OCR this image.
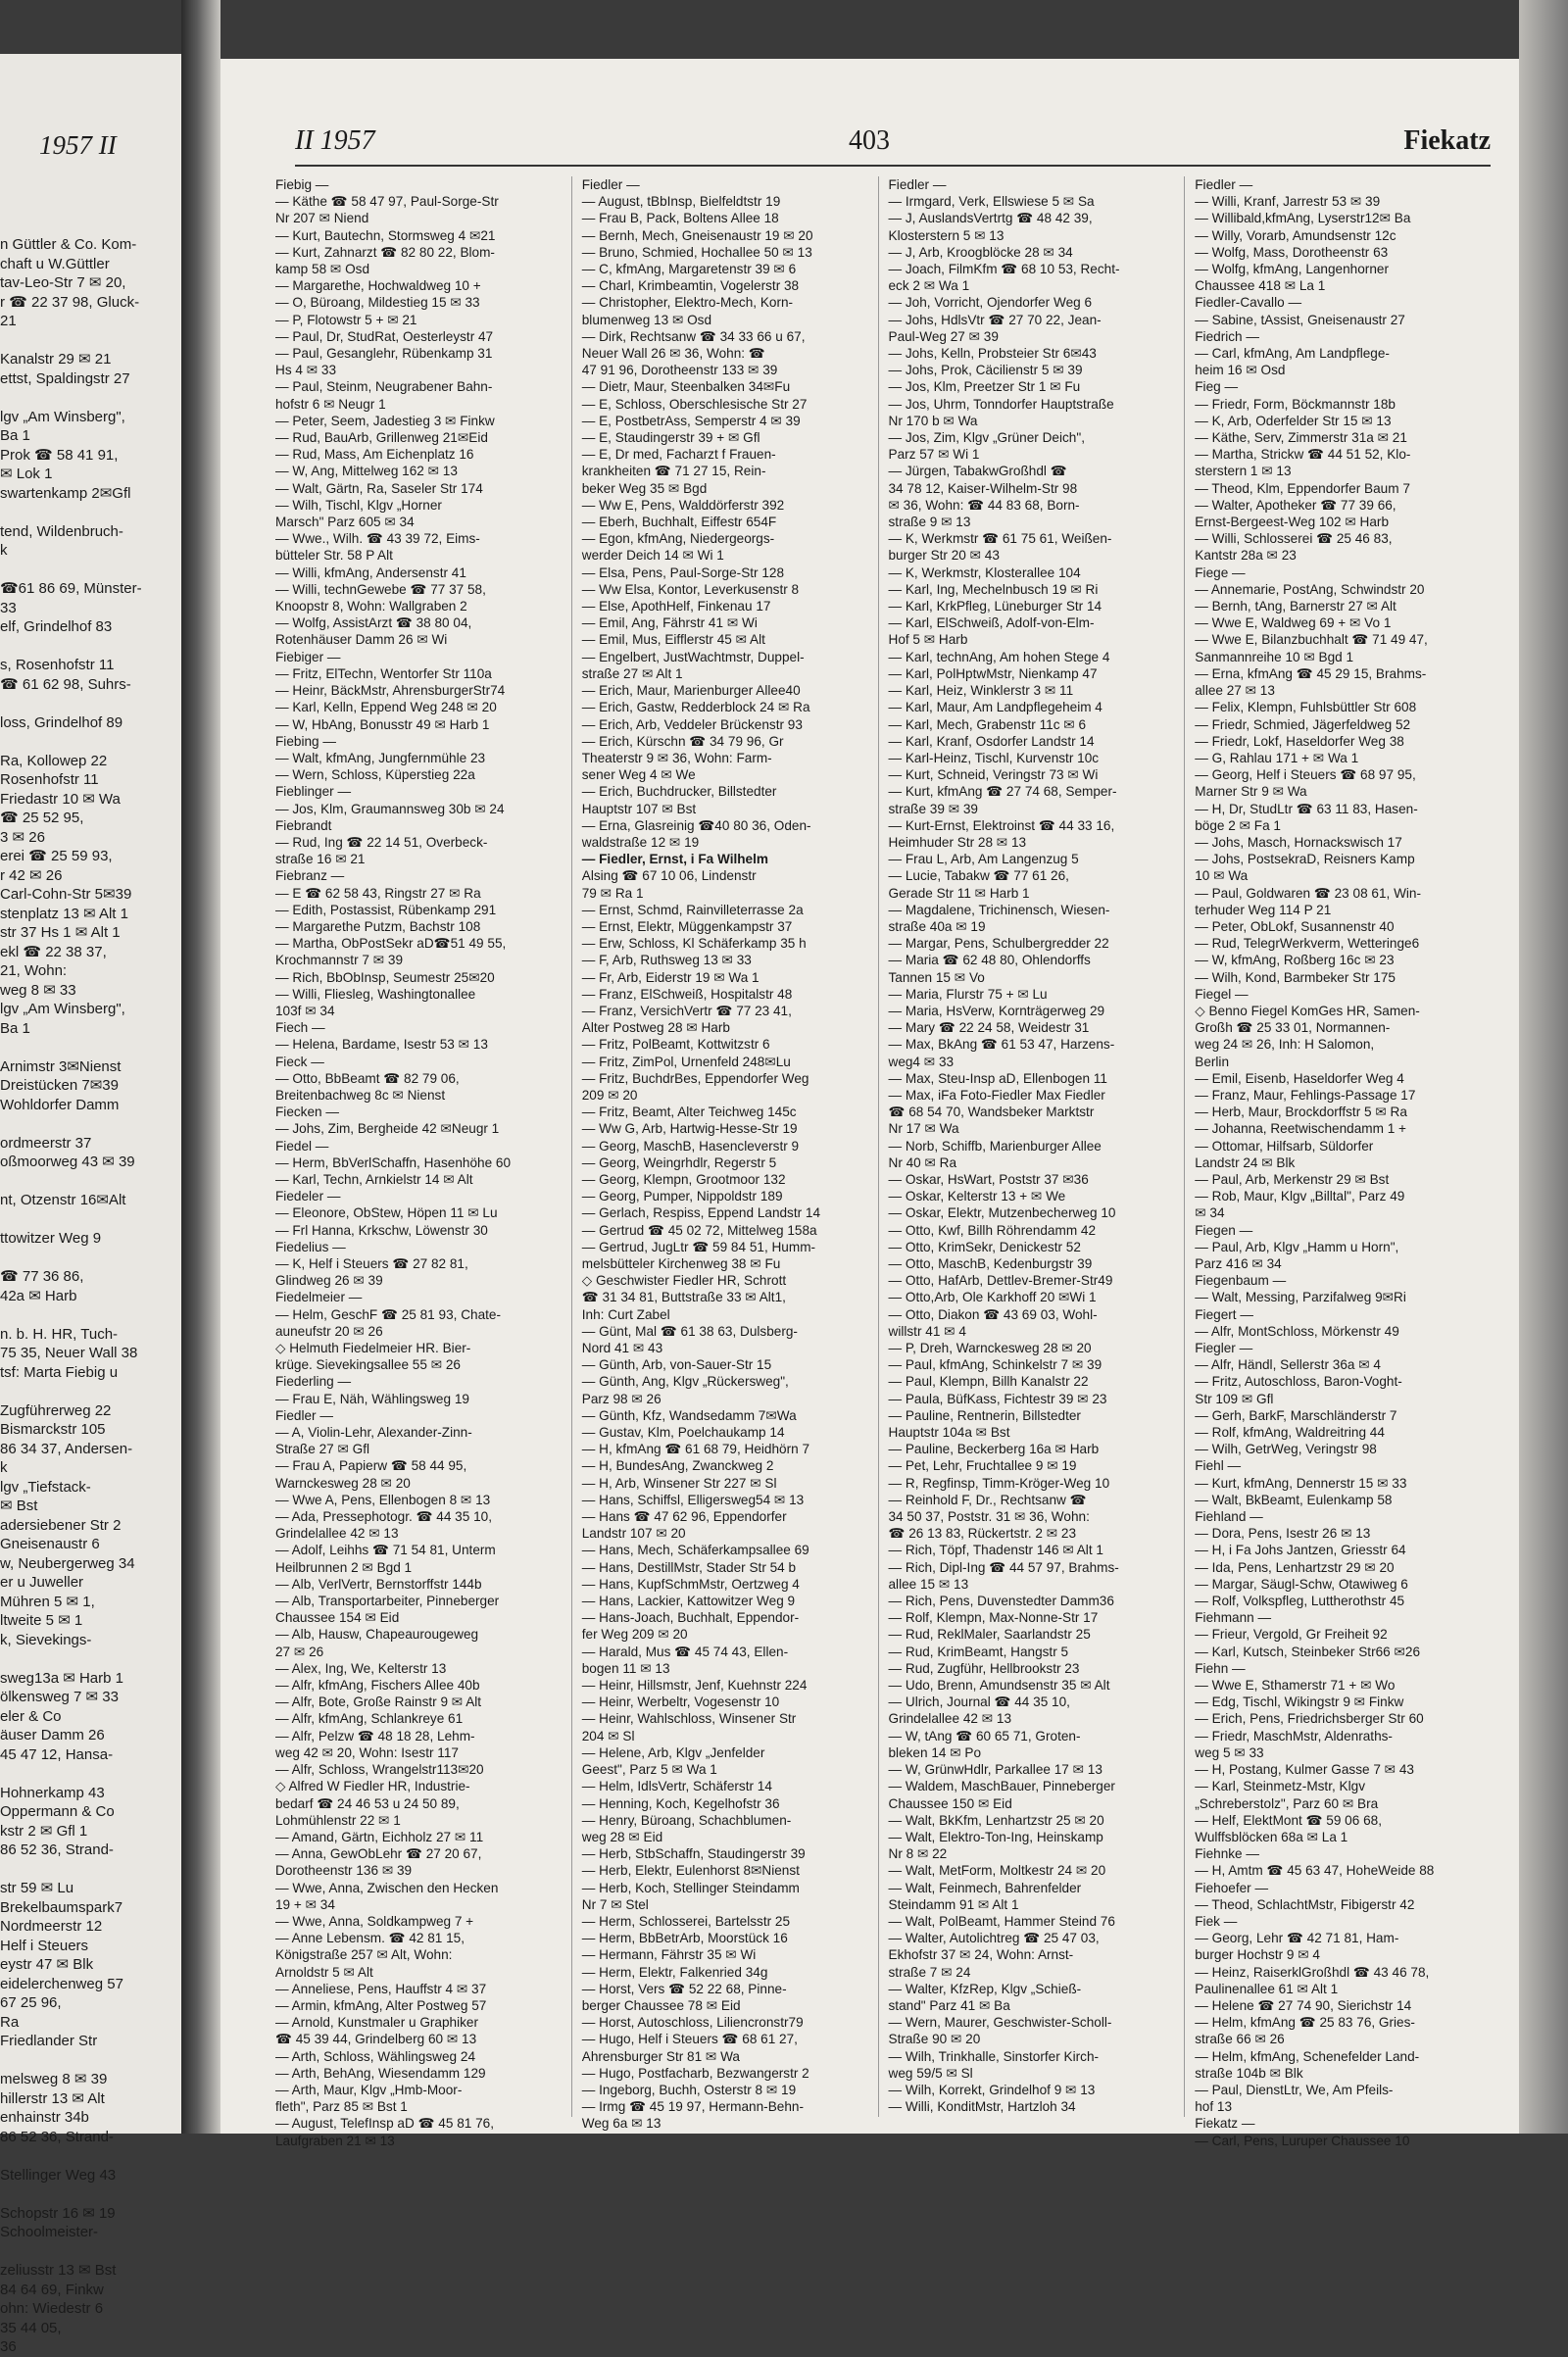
1957 II
n Güttler & Co. Kom-
chaft u W.Güttler
tav-Leo-Str 7 ✉ 20,
r ☎ 22 37 98, Gluck-
21

Kanalstr 29 ✉ 21
ettst, Spaldingstr 27

lgv „Am Winsberg",
Ba 1
Prok ☎ 58 41 91,
✉ Lok 1
swartenkamp 2✉Gfl

tend, Wildenbruch-
k

☎61 86 69, Münster-
33
elf, Grindelhof 83

s, Rosenhofstr 11
☎ 61 62 98, Suhrs-

loss, Grindelhof 89

Ra, Kollowep 22
Rosenhofstr 11
Friedastr 10 ✉ Wa
☎ 25 52 95,
3 ✉ 26
erei ☎ 25 59 93,
r 42 ✉ 26
Carl-Cohn-Str 5✉39
stenplatz 13 ✉ Alt 1
str 37 Hs 1 ✉ Alt 1
ekl ☎ 22 38 37,
21, Wohn:
weg 8 ✉ 33
lgv „Am Winsberg",
Ba 1

Arnimstr 3✉Nienst
Dreistücken 7✉39
Wohldorfer Damm

ordmeerstr 37
oßmoorweg 43 ✉ 39

nt, Otzenstr 16✉Alt

ttowitzer Weg 9

☎ 77 36 86,
42a ✉ Harb

n. b. H. HR, Tuch-
75 35, Neuer Wall 38
tsf: Marta Fiebig u

Zugführerweg 22
Bismarckstr 105
86 34 37, Andersen-
k
lgv „Tiefstack-
✉ Bst
adersiebener Str 2
Gneisenaustr 6
w, Neubergerweg 34
er u Juweller
Mühren 5 ✉ 1,
ltweite 5 ✉ 1
k, Sievekings-

sweg13a ✉ Harb 1
ölkensweg 7 ✉ 33
eler & Co
äuser Damm 26
45 47 12, Hansa-

Hohnerkamp 43
Oppermann & Co
kstr 2 ✉ Gfl 1
86 52 36, Strand-

str 59 ✉ Lu
Brekelbaumspark7
Nordmeerstr 12
Helf i Steuers
eystr 47 ✉ Blk
eidelerchenweg 57
67 25 96,
Ra
Friedlander Str

melsweg 8 ✉ 39
hillerstr 13 ✉ Alt
enhainstr 34b
86 52 36, Strand-

Stellinger Weg 43

Schopstr 16 ✉ 19
Schoolmeister-

zeliusstr 13 ✉ Bst
84 64 69, Finkw
ohn: Wiedestr 6
35 44 05,
36
II 1957	403	Fiekatz
Fiebig —
— Käthe ☎ 58 47 97, Paul-Sorge-Str
Nr 207 ✉ Niend
— Kurt, Bautechn, Stormsweg 4 ✉21
— Kurt, Zahnarzt ☎ 82 80 22, Blom-
kamp 58 ✉ Osd
— Margarethe, Hochwaldweg 10 +
— O, Büroang, Mildestieg 15 ✉ 33
— P, Flotowstr 5 + ✉ 21
— Paul, Dr, StudRat, Oesterleystr 47
— Paul, Gesanglehr, Rübenkamp 31
Hs 4 ✉ 33
— Paul, Steinm, Neugrabener Bahn-
hofstr 6 ✉ Neugr 1
— Peter, Seem, Jadestieg 3 ✉ Finkw
— Rud, BauArb, Grillenweg 21✉Eid
— Rud, Mass, Am Eichenplatz 16
— W, Ang, Mittelweg 162 ✉ 13
— Walt, Gärtn, Ra, Saseler Str 174
— Wilh, Tischl, Klgv „Horner
Marsch" Parz 605 ✉ 34
— Wwe., Wilh. ☎ 43 39 72, Eims-
bütteler Str. 58 P Alt
— Willi, kfmAng, Andersenstr 41
— Willi, technGewebe ☎ 77 37 58,
Knoopstr 8, Wohn: Wallgraben 2
— Wolfg, AssistArzt ☎ 38 80 04,
Rotenhäuser Damm 26 ✉ Wi
Fiebiger —
— Fritz, ElTechn, Wentorfer Str 110a
— Heinr, BäckMstr, AhrensburgerStr74
— Karl, Kelln, Eppend Weg 248 ✉ 20
— W, HbAng, Bonusstr 49 ✉ Harb 1
Fiebing —
— Walt, kfmAng, Jungfernmühle 23
— Wern, Schloss, Küperstieg 22a
Fieblinger —
— Jos, Klm, Graumannsweg 30b ✉ 24
Fiebrandt
— Rud, Ing ☎ 22 14 51, Overbeck-
straße 16 ✉ 21
Fiebranz —
— E ☎ 62 58 43, Ringstr 27 ✉ Ra
— Edith, Postassist, Rübenkamp 291
— Margarethe Putzm, Bachstr 108
— Martha, ObPostSekr aD☎51 49 55,
Krochmannstr 7 ✉ 39
— Rich, BbObInsp, Seumestr 25✉20
— Willi, Fliesleg, Washingtonallee
103f ✉ 34
Fiech —
— Helena, Bardame, Isestr 53 ✉ 13
Fieck —
— Otto, BbBeamt ☎ 82 79 06,
Breitenbachweg 8c ✉ Nienst
Fiecken —
— Johs, Zim, Bergheide 42 ✉Neugr 1
Fiedel —
— Herm, BbVerlSchaffn, Hasenhöhe 60
— Karl, Techn, Arnkielstr 14 ✉ Alt
Fiedeler —
— Eleonore, ObStew, Höpen 11 ✉ Lu
— Frl Hanna, Krkschw, Löwenstr 30
Fiedelius —
— K, Helf i Steuers ☎ 27 82 81,
Glindweg 26 ✉ 39
Fiedelmeier —
— Helm, GeschF ☎ 25 81 93, Chate-
auneufstr 20 ✉ 26
◇ Helmuth Fiedelmeier HR. Bier-
krüge. Sievekingsallee 55 ✉ 26
Fiederling —
— Frau E, Näh, Wählingsweg 19
Fiedler —
— A, Violin-Lehr, Alexander-Zinn-
Straße 27 ✉ Gfl
— Frau A, Papierw ☎ 58 44 95,
Warnckesweg 28 ✉ 20
— Wwe A, Pens, Ellenbogen 8 ✉ 13
— Ada, Pressephotogr. ☎ 44 35 10,
Grindelallee 42 ✉ 13
— Adolf, Leihhs ☎ 71 54 81, Unterm
Heilbrunnen 2 ✉ Bgd 1
— Alb, VerlVertr, Bernstorffstr 144b
— Alb, Transportarbeiter, Pinneberger
Chaussee 154 ✉ Eid
— Alb, Hausw, Chapeaurougeweg
27 ✉ 26
— Alex, Ing, We, Kelterstr 13
— Alfr, kfmAng, Fischers Allee 40b
— Alfr, Bote, Große Rainstr 9 ✉ Alt
— Alfr, kfmAng, Schlankreye 61
— Alfr, Pelzw ☎ 48 18 28, Lehm-
weg 42 ✉ 20, Wohn: Isestr 117
— Alfr, Schloss, Wrangelstr113✉20
◇ Alfred W Fiedler HR, Industrie-
bedarf ☎ 24 46 53 u 24 50 89,
Lohmühlenstr 22 ✉ 1
— Amand, Gärtn, Eichholz 27 ✉ 11
— Anna, GewObLehr ☎ 27 20 67,
Dorotheenstr 136 ✉ 39
— Wwe, Anna, Zwischen den Hecken
19 + ✉ 34
— Wwe, Anna, Soldkampweg 7 +
— Anne Lebensm. ☎ 42 81 15,
Königstraße 257 ✉ Alt, Wohn:
Arnoldstr 5 ✉ Alt
— Anneliese, Pens, Hauffstr 4 ✉ 37
— Armin, kfmAng, Alter Postweg 57
— Arnold, Kunstmaler u Graphiker
☎ 45 39 44, Grindelberg 60 ✉ 13
— Arth, Schloss, Wählingsweg 24
— Arth, BehAng, Wiesendamm 129
— Arth, Maur, Klgv „Hmb-Moor-
fleth", Parz 85 ✉ Bst 1
— August, TelefInsp aD ☎ 45 81 76,
Laufgraben 21 ✉ 13
Fiedler —
— August, tBbInsp, Bielfeldtstr 19
— Frau B, Pack, Boltens Allee 18
— Bernh, Mech, Gneisenaustr 19 ✉ 20
— Bruno, Schmied, Hochallee 50 ✉ 13
— C, kfmAng, Margaretenstr 39 ✉ 6
— Charl, Krimbeamtin, Vogelerstr 38
— Christopher, Elektro-Mech, Korn-
blumenweg 13 ✉ Osd
— Dirk, Rechtsanw ☎ 34 33 66 u 67,
Neuer Wall 26 ✉ 36, Wohn: ☎
47 91 96, Dorotheenstr 133 ✉ 39
— Dietr, Maur, Steenbalken 34✉Fu
— E, Schloss, Oberschlesische Str 27
— E, PostbetrAss, Semperstr 4 ✉ 39
— E, Staudingerstr 39 + ✉ Gfl
— E, Dr med, Facharzt f Frauen-
krankheiten ☎ 71 27 15, Rein-
beker Weg 35 ✉ Bgd
— Ww E, Pens, Walddörferstr 392
— Eberh, Buchhalt, Eiffestr 654F
— Egon, kfmAng, Niedergeorgs-
werder Deich 14 ✉ Wi 1
— Elsa, Pens, Paul-Sorge-Str 128
— Ww Elsa, Kontor, Leverkusenstr 8
— Else, ApothHelf, Finkenau 17
— Emil, Ang, Fährstr 41 ✉ Wi
— Emil, Mus, Eifflerstr 45 ✉ Alt
— Engelbert, JustWachtmstr, Duppel-
straße 27 ✉ Alt 1
— Erich, Maur, Marienburger Allee40
— Erich, Gastw, Redderblock 24 ✉ Ra
— Erich, Arb, Veddeler Brückenstr 93
— Erich, Kürschn ☎ 34 79 96, Gr
Theaterstr 9 ✉ 36, Wohn: Farm-
sener Weg 4 ✉ We
— Erich, Buchdrucker, Billstedter
Hauptstr 107 ✉ Bst
— Erna, Glasreinig ☎40 80 36, Oden-
waldstraße 12 ✉ 19
— Fiedler, Ernst, i Fa Wilhelm
Alsing ☎ 67 10 06, Lindenstr
79 ✉ Ra 1
— Ernst, Schmd, Rainvilleterrasse 2a
— Ernst, Elektr, Müggenkampstr 37
— Erw, Schloss, Kl Schäferkamp 35 h
— F, Arb, Ruthsweg 13 ✉ 33
— Fr, Arb, Eiderstr 19 ✉ Wa 1
— Franz, ElSchweiß, Hospitalstr 48
— Franz, VersichVertr ☎ 77 23 41,
Alter Postweg 28 ✉ Harb
— Fritz, PolBeamt, Kottwitzstr 6
— Fritz, ZimPol, Urnenfeld 248✉Lu
— Fritz, BuchdrBes, Eppendorfer Weg
209 ✉ 20
— Fritz, Beamt, Alter Teichweg 145c
— Ww G, Arb, Hartwig-Hesse-Str 19
— Georg, MaschB, Hasencleverstr 9
— Georg, Weingrhdlr, Regerstr 5
— Georg, Klempn, Grootmoor 132
— Georg, Pumper, Nippoldstr 189
— Gerlach, Respiss, Eppend Landstr 14
— Gertrud ☎ 45 02 72, Mittelweg 158a
— Gertrud, JugLtr ☎ 59 84 51, Humm-
melsbütteler Kirchenweg 38 ✉ Fu
◇ Geschwister Fiedler HR, Schrott
☎ 31 34 81, Buttstraße 33 ✉ Alt1,
Inh: Curt Zabel
— Günt, Mal ☎ 61 38 63, Dulsberg-
Nord 41 ✉ 43
— Günth, Arb, von-Sauer-Str 15
— Günth, Ang, Klgv „Rückersweg",
Parz 98 ✉ 26
— Günth, Kfz, Wandsedamm 7✉Wa
— Gustav, Klm, Poelchaukamp 14
— H, kfmAng ☎ 61 68 79, Heidhörn 7
— H, BundesAng, Zwanckweg 2
— H, Arb, Winsener Str 227 ✉ Sl
— Hans, Schiffsl, Elligersweg54 ✉ 13
— Hans ☎ 47 62 96, Eppendorfer
Landstr 107 ✉ 20
— Hans, Mech, Schäferkampsallee 69
— Hans, DestillMstr, Stader Str 54 b
— Hans, KupfSchmMstr, Oertzweg 4
— Hans, Lackier, Kattowitzer Weg 9
— Hans-Joach, Buchhalt, Eppendor-
fer Weg 209 ✉ 20
— Harald, Mus ☎ 45 74 43, Ellen-
bogen 11 ✉ 13
— Heinr, Hillsmstr, Jenf, Kuehnstr 224
— Heinr, Werbeltr, Vogesenstr 10
— Heinr, Wahlschloss, Winsener Str
204 ✉ Sl
— Helene, Arb, Klgv „Jenfelder
Geest", Parz 5 ✉ Wa 1
— Helm, IdlsVertr, Schäferstr 14
— Henning, Koch, Kegelhofstr 36
— Henry, Büroang, Schachblumen-
weg 28 ✉ Eid
— Herb, StbSchaffn, Staudingerstr 39
— Herb, Elektr, Eulenhorst 8✉Nienst
— Herb, Koch, Stellinger Steindamm
Nr 7 ✉ Stel
— Herm, Schlosserei, Bartelsstr 25
— Herm, BbBetrArb, Moorstück 16
— Hermann, Fährstr 35 ✉ Wi
— Herm, Elektr, Falkenried 34g
— Horst, Vers ☎ 52 22 68, Pinne-
berger Chaussee 78 ✉ Eid
— Horst, Autoschloss, Liliencronstr79
— Hugo, Helf i Steuers ☎ 68 61 27,
Ahrensburger Str 81 ✉ Wa
— Hugo, Postfacharb, Bezwangerstr 2
— Ingeborg, Buchh, Osterstr 8 ✉ 19
— Irmg ☎ 45 19 97, Hermann-Behn-
Weg 6a ✉ 13
Fiedler —
— Irmgard, Verk, Ellswiese 5 ✉ Sa
— J, AuslandsVertrtg ☎ 48 42 39,
Klosterstern 5 ✉ 13
— J, Arb, Kroogblöcke 28 ✉ 34
— Joach, FilmKfm ☎ 68 10 53, Recht-
eck 2 ✉ Wa 1
— Joh, Vorricht, Ojendorfer Weg 6
— Johs, HdlsVtr ☎ 27 70 22, Jean-
Paul-Weg 27 ✉ 39
— Johs, Kelln, Probsteier Str 6✉43
— Johs, Prok, Cäcilienstr 5 ✉ 39
— Jos, Klm, Preetzer Str 1 ✉ Fu
— Jos, Uhrm, Tonndorfer Hauptstraße
Nr 170 b ✉ Wa
— Jos, Zim, Klgv „Grüner Deich",
Parz 57 ✉ Wi 1
— Jürgen, TabakwGroßhdl ☎
34 78 12, Kaiser-Wilhelm-Str 98
✉ 36, Wohn: ☎ 44 83 68, Born-
straße 9 ✉ 13
— K, Werkmstr ☎ 61 75 61, Weißen-
burger Str 20 ✉ 43
— K, Werkmstr, Klosterallee 104
— Karl, Ing, Mechelnbusch 19 ✉ Ri
— Karl, KrkPfleg, Lüneburger Str 14
— Karl, ElSchweiß, Adolf-von-Elm-
Hof 5 ✉ Harb
— Karl, technAng, Am hohen Stege 4
— Karl, PolHptwMstr, Nienkamp 47
— Karl, Heiz, Winklerstr 3 ✉ 11
— Karl, Maur, Am Landpflegeheim 4
— Karl, Mech, Grabenstr 11c ✉ 6
— Karl, Kranf, Osdorfer Landstr 14
— Karl-Heinz, Tischl, Kurvenstr 10c
— Kurt, Schneid, Veringstr 73 ✉ Wi
— Kurt, kfmAng ☎ 27 74 68, Semper-
straße 39 ✉ 39
— Kurt-Ernst, Elektroinst ☎ 44 33 16,
Heimhuder Str 28 ✉ 13
— Frau L, Arb, Am Langenzug 5
— Lucie, Tabakw ☎ 77 61 26,
Gerade Str 11 ✉ Harb 1
— Magdalene, Trichinensch, Wiesen-
straße 40a ✉ 19
— Margar, Pens, Schulbergredder 22
— Maria ☎ 62 48 80, Ohlendorffs
Tannen 15 ✉ Vo
— Maria, Flurstr 75 + ✉ Lu
— Maria, HsVerw, Kornträgerweg 29
— Mary ☎ 22 24 58, Weidestr 31
— Max, BkAng ☎ 61 53 47, Harzens-
weg4 ✉ 33
— Max, Steu-Insp aD, Ellenbogen 11
— Max, iFa Foto-Fiedler Max Fiedler
☎ 68 54 70, Wandsbeker Marktstr
Nr 17 ✉ Wa
— Norb, Schiffb, Marienburger Allee
Nr 40 ✉ Ra
— Oskar, HsWart, Poststr 37 ✉36
— Oskar, Kelterstr 13 + ✉ We
— Oskar, Elektr, Mutzenbecherweg 10
— Otto, Kwf, Billh Röhrendamm 42
— Otto, KrimSekr, Denickestr 52
— Otto, MaschB, Kedenburgstr 39
— Otto, HafArb, Dettlev-Bremer-Str49
— Otto,Arb, Ole Karkhoff 20 ✉Wi 1
— Otto, Diakon ☎ 43 69 03, Wohl-
willstr 41 ✉ 4
— P, Dreh, Warnckesweg 28 ✉ 20
— Paul, kfmAng, Schinkelstr 7 ✉ 39
— Paul, Klempn, Billh Kanalstr 22
— Paula, BüfKass, Fichtestr 39 ✉ 23
— Pauline, Rentnerin, Billstedter
Hauptstr 104a ✉ Bst
— Pauline, Beckerberg 16a ✉ Harb
— Pet, Lehr, Fruchtallee 9 ✉ 19
— R, Regfinsp, Timm-Kröger-Weg 10
— Reinhold F, Dr., Rechtsanw ☎
34 50 37, Poststr. 31 ✉ 36, Wohn:
☎ 26 13 83, Rückertstr. 2 ✉ 23
— Rich, Töpf, Thadenstr 146 ✉ Alt 1
— Rich, Dipl-Ing ☎ 44 57 97, Brahms-
allee 15 ✉ 13
— Rich, Pens, Duvenstedter Damm36
— Rolf, Klempn, Max-Nonne-Str 17
— Rud, ReklMaler, Saarlandstr 25
— Rud, KrimBeamt, Hangstr 5
— Rud, Zugführ, Hellbrookstr 23
— Udo, Brenn, Amundsenstr 35 ✉ Alt
— Ulrich, Journal ☎ 44 35 10,
Grindelallee 42 ✉ 13
— W, tAng ☎ 60 65 71, Groten-
bleken 14 ✉ Po
— W, GrünwHdlr, Parkallee 17 ✉ 13
— Waldem, MaschBauer, Pinneberger
Chaussee 150 ✉ Eid
— Walt, BkKfm, Lenhartzstr 25 ✉ 20
— Walt, Elektro-Ton-Ing, Heinskamp
Nr 8 ✉ 22
— Walt, MetForm, Moltkestr 24 ✉ 20
— Walt, Feinmech, Bahrenfelder
Steindamm 91 ✉ Alt 1
— Walt, PolBeamt, Hammer Steind 76
— Walter, Autolichtreg ☎ 25 47 03,
Ekhofstr 37 ✉ 24, Wohn: Arnst-
straße 7 ✉ 24
— Walter, KfzRep, Klgv „Schieß-
stand" Parz 41 ✉ Ba
— Wern, Maurer, Geschwister-Scholl-
Straße 90 ✉ 20
— Wilh, Trinkhalle, Sinstorfer Kirch-
weg 59/5 ✉ Sl
— Wilh, Korrekt, Grindelhof 9 ✉ 13
— Willi, KonditMstr, Hartzloh 34
Fiedler —
— Willi, Kranf, Jarrestr 53 ✉ 39
— Willibald,kfmAng, Lyserstr12✉ Ba
— Willy, Vorarb, Amundsenstr 12c
— Wolfg, Mass, Dorotheenstr 63
— Wolfg, kfmAng, Langenhorner
Chaussee 418 ✉ La 1
Fiedler-Cavallo —
— Sabine, tAssist, Gneisenaustr 27
Fiedrich —
— Carl, kfmAng, Am Landpflege-
heim 16 ✉ Osd
Fieg —
— Friedr, Form, Böckmannstr 18b
— K, Arb, Oderfelder Str 15 ✉ 13
— Käthe, Serv, Zimmerstr 31a ✉ 21
— Martha, Strickw ☎ 44 51 52, Klo-
sterstern 1 ✉ 13
— Theod, Klm, Eppendorfer Baum 7
— Walter, Apotheker ☎ 77 39 66,
Ernst-Bergeest-Weg 102 ✉ Harb
— Willi, Schlosserei ☎ 25 46 83,
Kantstr 28a ✉ 23
Fiege —
— Annemarie, PostAng, Schwindstr 20
— Bernh, tAng, Barnerstr 27 ✉ Alt
— Wwe E, Waldweg 69 + ✉ Vo 1
— Wwe E, Bilanzbuchhalt ☎ 71 49 47,
Sanmannreihe 10 ✉ Bgd 1
— Erna, kfmAng ☎ 45 29 15, Brahms-
allee 27 ✉ 13
— Felix, Klempn, Fuhlsbüttler Str 608
— Friedr, Schmied, Jägerfeldweg 52
— Friedr, Lokf, Haseldorfer Weg 38
— G, Rahlau 171 + ✉ Wa 1
— Georg, Helf i Steuers ☎ 68 97 95,
Marner Str 9 ✉ Wa
— H, Dr, StudLtr ☎ 63 11 83, Hasen-
böge 2 ✉ Fa 1
— Johs, Masch, Hornackswisch 17
— Johs, PostsekraD, Reisners Kamp
10 ✉ Wa
— Paul, Goldwaren ☎ 23 08 61, Win-
terhuder Weg 114 P 21
— Peter, ObLokf, Susannenstr 40
— Rud, TelegrWerkverm, Wetteringe6
— W, kfmAng, Roßberg 16c ✉ 23
— Wilh, Kond, Barmbeker Str 175
Fiegel —
◇ Benno Fiegel KomGes HR, Samen-
Großh ☎ 25 33 01, Normannen-
weg 24 ✉ 26, Inh: H Salomon,
Berlin
— Emil, Eisenb, Haseldorfer Weg 4
— Franz, Maur, Fehlings-Passage 17
— Herb, Maur, Brockdorffstr 5 ✉ Ra
— Johanna, Reetwischendamm 1 +
— Ottomar, Hilfsarb, Süldorfer
Landstr 24 ✉ Blk
— Paul, Arb, Merkenstr 29 ✉ Bst
— Rob, Maur, Klgv „Billtal", Parz 49
✉ 34
Fiegen —
— Paul, Arb, Klgv „Hamm u Horn",
Parz 416 ✉ 34
Fiegenbaum —
— Walt, Messing, Parzifalweg 9✉Ri
Fiegert —
— Alfr, MontSchloss, Mörkenstr 49
Fiegler —
— Alfr, Händl, Sellerstr 36a ✉ 4
— Fritz, Autoschloss, Baron-Voght-
Str 109 ✉ Gfl
— Gerh, BarkF, Marschländerstr 7
— Rolf, kfmAng, Waldreitring 44
— Wilh, GetrWeg, Veringstr 98
Fiehl —
— Kurt, kfmAng, Dennerstr 15 ✉ 33
— Walt, BkBeamt, Eulenkamp 58
Fiehland —
— Dora, Pens, Isestr 26 ✉ 13
— H, i Fa Johs Jantzen, Griesstr 64
— Ida, Pens, Lenhartzstr 29 ✉ 20
— Margar, Säugl-Schw, Otawiweg 6
— Rolf, Volkspfleg, Luttherothstr 45
Fiehmann —
— Frieur, Vergold, Gr Freiheit 92
— Karl, Kutsch, Steinbeker Str66 ✉26
Fiehn —
— Wwe E, Sthamerstr 71 + ✉ Wo
— Edg, Tischl, Wikingstr 9 ✉ Finkw
— Erich, Pens, Friedrichsberger Str 60
— Friedr, MaschMstr, Aldenraths-
weg 5 ✉ 33
— H, Postang, Kulmer Gasse 7 ✉ 43
— Karl, Steinmetz-Mstr, Klgv
„Schreberstolz", Parz 60 ✉ Bra
— Helf, ElektMont ☎ 59 06 68,
Wulffsblöcken 68a ✉ La 1
Fiehnke —
— H, Amtm ☎ 45 63 47, HoheWeide 88
Fiehoefer —
— Theod, SchlachtMstr, Fibigerstr 42
Fiek —
— Georg, Lehr ☎ 42 71 81, Ham-
burger Hochstr 9 ✉ 4
— Heinz, RaiserklGroßhdl ☎ 43 46 78,
Paulinenallee 61 ✉ Alt 1
— Helene ☎ 27 74 90, Sierichstr 14
— Helm, kfmAng ☎ 25 83 76, Gries-
straße 66 ✉ 26
— Helm, kfmAng, Schenefelder Land-
straße 104b ✉ Blk
— Paul, DienstLtr, We, Am Pfeils-
hof 13
Fiekatz —
— Carl, Pens, Luruper Chaussee 10
